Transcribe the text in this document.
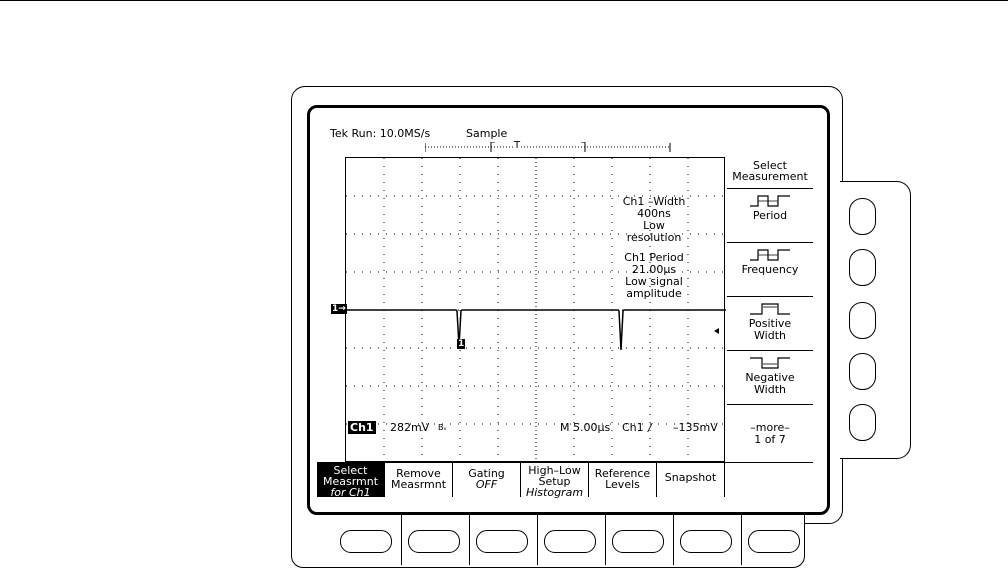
Tek Run: 10.0MS/s	Sample
T
Ch1 –Width
400ns
Low
resolution
Ch1 Period
21.00µs
Low signal
amplitude
1
1→
Ch1 282mV Βᵥ	M 5.00µs Ch1 ∕ –135mV
Select
Measurement
Period
Frequency
Positive
Width
Negative
Width
–more–
1 of 7
Select
Measrmnt
for Ch1
Remove
Measrmnt
Gating
OFF
High–Low
Setup
Histogram
Reference
Levels
Snapshot
